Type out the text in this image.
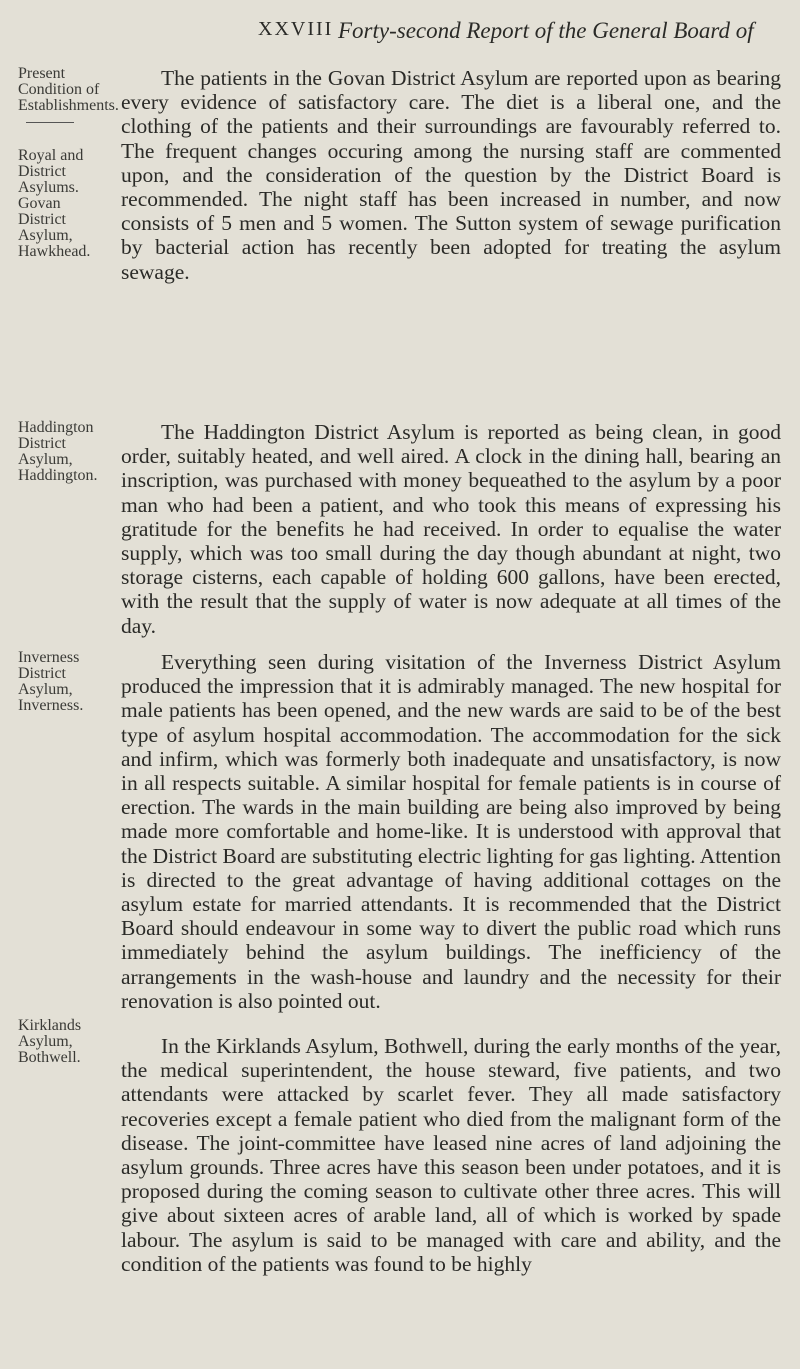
XXVIII Forty-second Report of the General Board of
Present Condition of Establishments.
Royal and District Asylums.
Govan District Asylum, Hawkhead.
Haddington District Asylum, Haddington.
Inverness District Asylum, Inverness.
Kirklands Asylum, Bothwell.

The patients in the Govan District Asylum are reported upon as bearing every evidence of satisfactory care. The diet is a liberal one, and the clothing of the patients and their surroundings are favourably referred to. The frequent changes occuring among the nursing staff are commented upon, and the consideration of the question by the District Board is recommended. The night staff has been increased in number, and now consists of 5 men and 5 women. The Sutton system of sewage purification by bacterial action has recently been adopted for treating the asylum sewage.

The Haddington District Asylum is reported as being clean, in good order, suitably heated, and well aired. A clock in the dining hall, bearing an inscription, was purchased with money bequeathed to the asylum by a poor man who had been a patient, and who took this means of expressing his gratitude for the benefits he had received. In order to equalise the water supply, which was too small during the day though abundant at night, two storage cisterns, each capable of holding 600 gallons, have been erected, with the result that the supply of water is now adequate at all times of the day.

Everything seen during visitation of the Inverness District Asylum produced the impression that it is admirably managed. The new hospital for male patients has been opened, and the new wards are said to be of the best type of asylum hospital accommodation. The accommodation for the sick and infirm, which was formerly both inadequate and unsatisfactory, is now in all respects suitable. A similar hospital for female patients is in course of erection. The wards in the main building are being also improved by being made more comfortable and home-like. It is understood with approval that the District Board are substituting electric lighting for gas lighting. Attention is directed to the great advantage of having additional cottages on the asylum estate for married attendants. It is recommended that the District Board should endeavour in some way to divert the public road which runs immediately behind the asylum buildings. The inefficiency of the arrangements in the wash-house and laundry and the necessity for their renovation is also pointed out.

In the Kirklands Asylum, Bothwell, during the early months of the year, the medical superintendent, the house steward, five patients, and two attendants were attacked by scarlet fever. They all made satisfactory recoveries except a female patient who died from the malignant form of the disease. The joint-committee have leased nine acres of land adjoining the asylum grounds. Three acres have this season been under potatoes, and it is proposed during the coming season to cultivate other three acres. This will give about sixteen acres of arable land, all of which is worked by spade labour. The asylum is said to be managed with care and ability, and the condition of the patients was found to be highly
